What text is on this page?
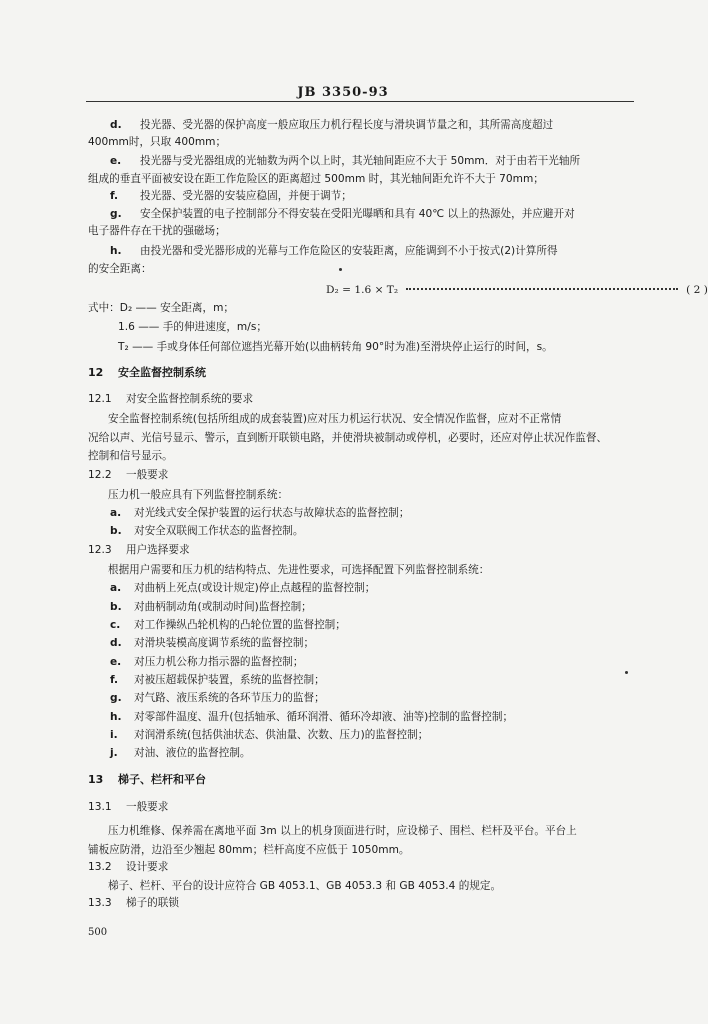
JB 3350-93
d. 投光器、受光器的保护高度一般应取压力机行程长度与滑块调节量之和，其所需高度超过
400mm时，只取 400mm；
e. 投光器与受光器组成的光轴数为两个以上时，其光轴间距应不大于 50mm．对于由若干光轴所
组成的垂直平面被安设在距工作危险区的距离超过 500mm 时，其光轴间距允许不大于 70mm；
f. 投光器、受光器的安装应稳固，并便于调节；
g. 安全保护装置的电子控制部分不得安装在受阳光曝晒和具有 40℃ 以上的热源处，并应避开对
电子器件存在干扰的强磁场；
h. 由投光器和受光器形成的光幕与工作危险区的安装距离，应能调到不小于按式(2)计算所得
的安全距离：
D₂ = 1.6 × T₂	( 2 )
式中：D₂ —— 安全距离，m；
1.6 —— 手的伸进速度，m/s；
T₂ —— 手或身体任何部位遮挡光幕开始(以曲柄转角 90°时为准)至滑块停止运行的时间，s。
12 安全监督控制系统
12.1 对安全监督控制系统的要求
安全监督控制系统(包括所组成的成套装置)应对压力机运行状况、安全情况作监督，应对不正常情
况给以声、光信号显示、警示，直到断开联锁电路，并使滑块被制动或停机，必要时，还应对停止状况作监督、
控制和信号显示。
12.2 一般要求
压力机一般应具有下列监督控制系统：
a. 对光线式安全保护装置的运行状态与故障状态的监督控制；
b. 对安全双联阀工作状态的监督控制。
12.3 用户选择要求
根据用户需要和压力机的结构特点、先进性要求，可选择配置下列监督控制系统：
a. 对曲柄上死点(或设计规定)停止点越程的监督控制；
b. 对曲柄制动角(或制动时间)监督控制；
c. 对工作操纵凸轮机构的凸轮位置的监督控制；
d. 对滑块装模高度调节系统的监督控制；
e. 对压力机公称力指示器的监督控制；
f. 对被压超载保护装置，系统的监督控制；
g. 对气路、液压系统的各环节压力的监督；
h. 对零部件温度、温升(包括轴承、循环润滑、循环冷却液、油等)控制的监督控制；
i. 对润滑系统(包括供油状态、供油量、次数、压力)的监督控制；
j. 对油、液位的监督控制。
13 梯子、栏杆和平台
13.1 一般要求
压力机维修、保养需在离地平面 3m 以上的机身顶面进行时，应设梯子、围栏、栏杆及平台。平台上
铺板应防滑，边沿至少翘起 80mm；栏杆高度不应低于 1050mm。
13.2 设计要求
梯子、栏杆、平台的设计应符合 GB 4053.1、GB 4053.3 和 GB 4053.4 的规定。
13.3 梯子的联锁
500
